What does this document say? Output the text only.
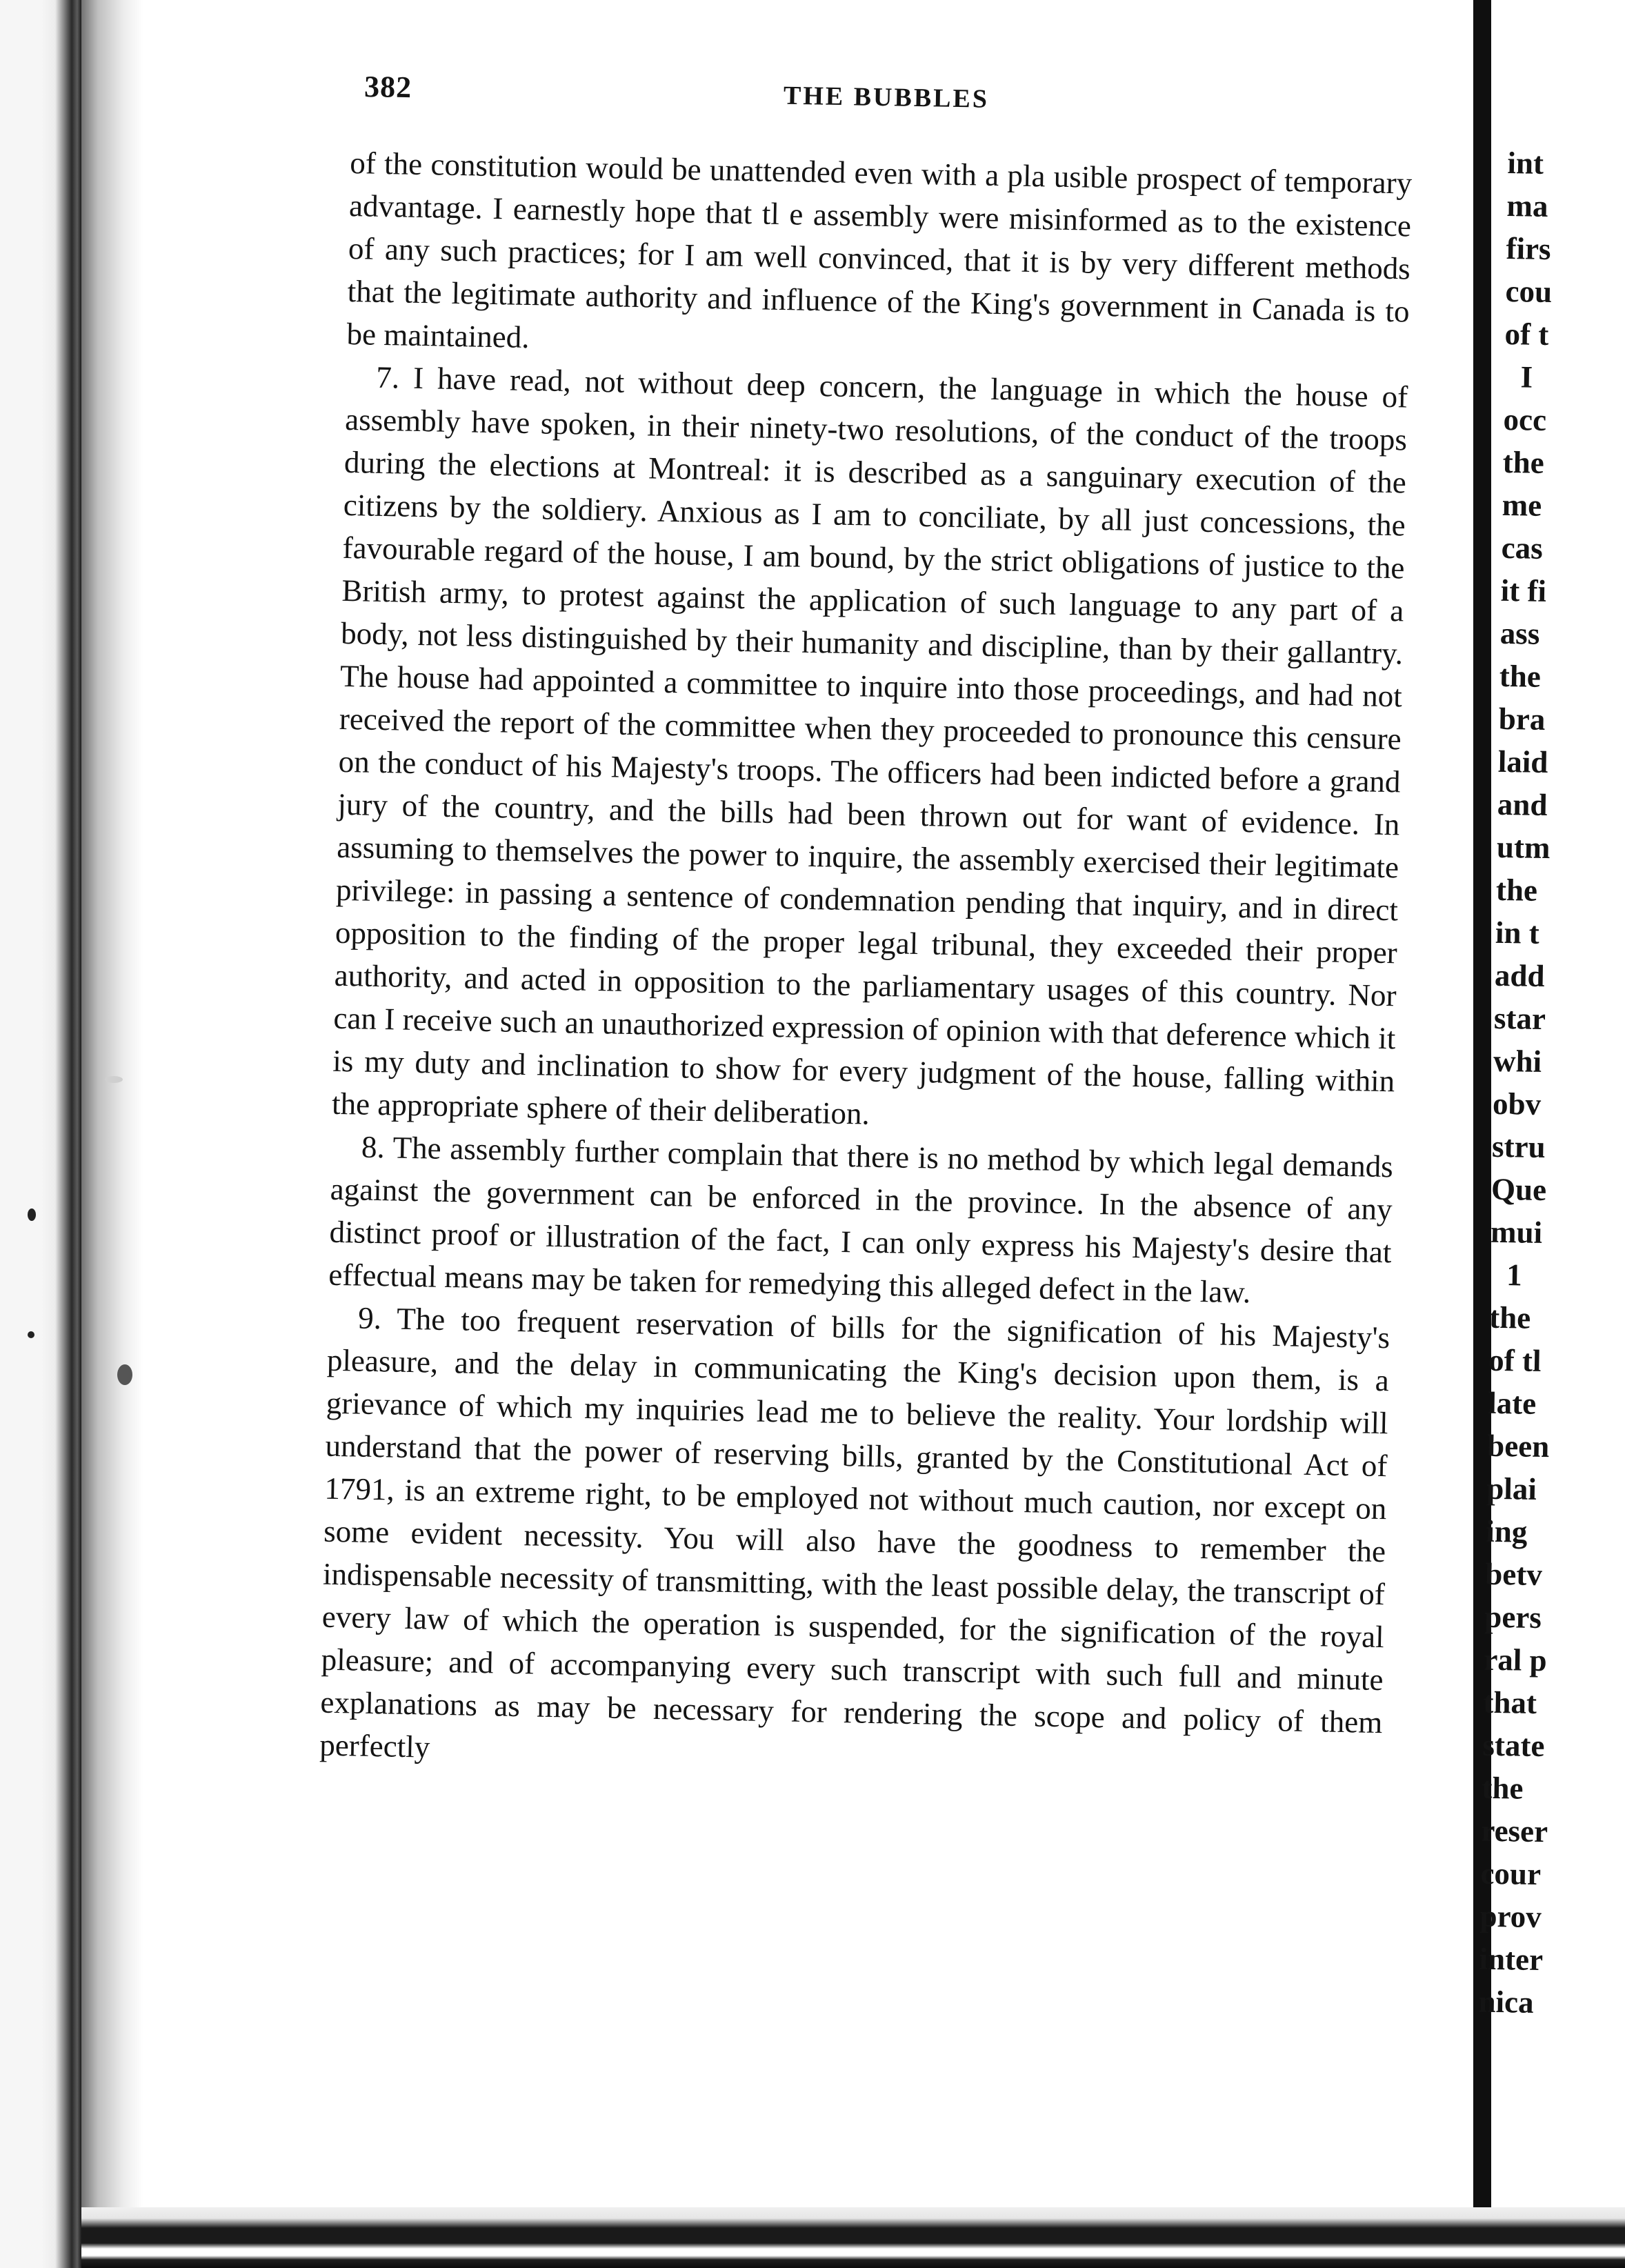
382	THE BUBBLES

of the constitution would be unattended even with a pla usible prospect of temporary advantage. I earnestly hope that tl e assembly were misinformed as to the existence of any such practices; for I am well convinced, that it is by very different methods that the legitimate authority and influence of the King's government in Canada is to be maintained.

7. I have read, not without deep concern, the language in which the house of assembly have spoken, in their ninety-two resolutions, of the conduct of the troops during the elections at Montreal: it is described as a sanguinary execution of the citizens by the soldiery. Anxious as I am to conciliate, by all just concessions, the favourable regard of the house, I am bound, by the strict obligations of justice to the British army, to protest against the application of such language to any part of a body, not less distinguished by their humanity and discipline, than by their gallantry. The house had appointed a committee to inquire into those proceedings, and had not received the report of the committee when they proceeded to pronounce this censure on the conduct of his Majesty's troops. The officers had been indicted before a grand jury of the country, and the bills had been thrown out for want of evidence. In assuming to themselves the power to inquire, the assembly exercised their legitimate privilege: in passing a sentence of condemnation pending that inquiry, and in direct opposition to the finding of the proper legal tribunal, they exceeded their proper authority, and acted in opposition to the parliamentary usages of this country. Nor can I receive such an unauthorized expression of opinion with that deference which it is my duty and inclination to show for every judgment of the house, falling within the appropriate sphere of their deliberation.

8. The assembly further complain that there is no method by which legal demands against the government can be enforced in the province. In the absence of any distinct proof or illustration of the fact, I can only express his Majesty's desire that effectual means may be taken for remedying this alleged defect in the law.

9. The too frequent reservation of bills for the signification of his Majesty's pleasure, and the delay in communicating the King's decision upon them, is a grievance of which my inquiries lead me to believe the reality. Your lordship will understand that the power of reserving bills, granted by the Constitutional Act of 1791, is an extreme right, to be employed not without much caution, nor except on some evident necessity. You will also have the goodness to remember the indispensable necessity of transmitting, with the least possible delay, the transcript of every law of which the operation is suspended, for the signification of the royal pleasure; and of accompanying every such transcript with such full and minute explanations as may be necessary for rendering the scope and policy of them perfectly

int
ma
firs
cou
of t
I
occ
the
me
cas
it fi
ass
the
bra
laid
and
utm
the
in t
add
star
whi
obv
stru
Que
mui
1
the
of tl
late
been
plai
ing
betv
pers
ral p
that
state
the
reser
cour
prov
inter
nica
